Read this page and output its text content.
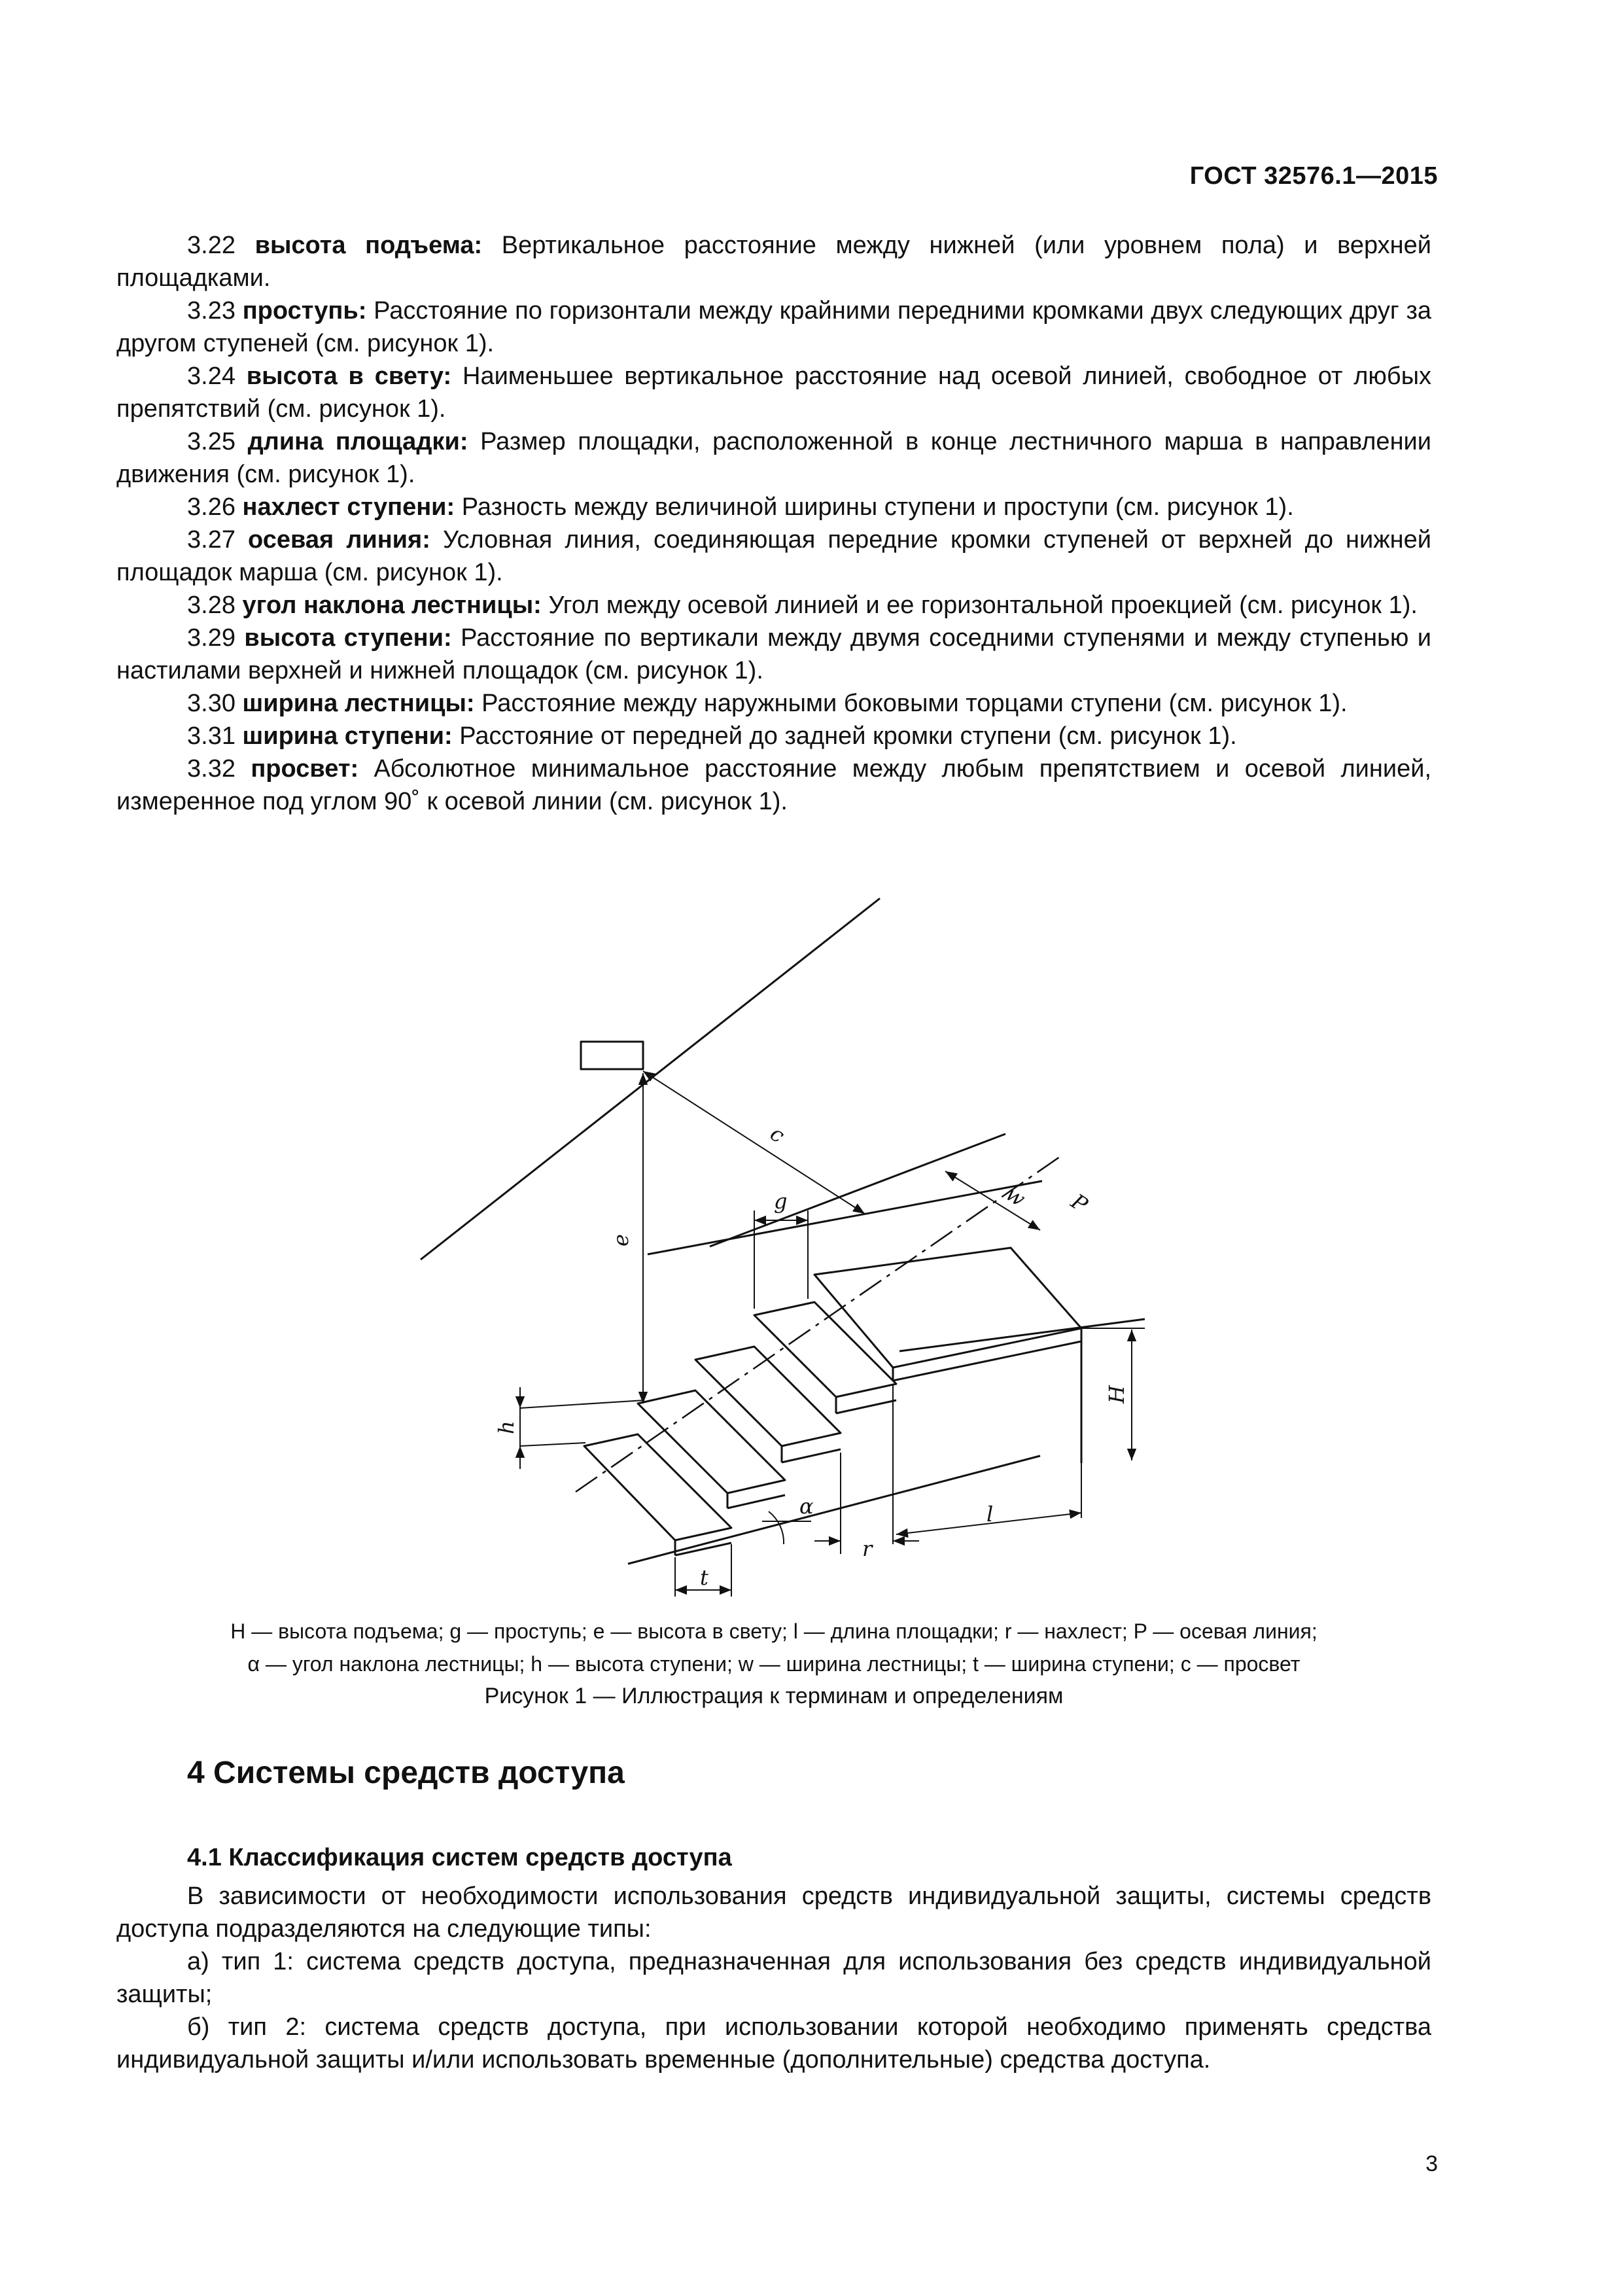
ГОСТ 32576.1—2015

3.22 высота подъема: Вертикальное расстояние между нижней (или уровнем пола) и верхней площадками.

3.23 проступь: Расстояние по горизонтали между крайними передними кромками двух следующих друг за другом ступеней (см. рисунок 1).

3.24 высота в свету: Наименьшее вертикальное расстояние над осевой линией, свободное от любых препятствий (см. рисунок 1).

3.25 длина площадки: Размер площадки, расположенной в конце лестничного марша в направлении движения (см. рисунок 1).

3.26 нахлест ступени: Разность между величиной ширины ступени и проступи (см. рисунок 1).

3.27 осевая линия: Условная линия, соединяющая передние кромки ступеней от верхней до нижней площадок марша (см. рисунок 1).

3.28 угол наклона лестницы: Угол между осевой линией и ее горизонтальной проекцией (см. рисунок 1).

3.29 высота ступени: Расстояние по вертикали между двумя соседними ступенями и между ступенью и настилами верхней и нижней площадок (см. рисунок 1).

3.30 ширина лестницы: Расстояние между наружными боковыми торцами ступени (см. рисунок 1).

3.31 ширина ступени: Расстояние от передней до задней кромки ступени (см. рисунок 1).

3.32 просвет: Абсолютное минимальное расстояние между любым препятствием и осевой линией, измеренное под углом 90˚ к осевой линии (см. рисунок 1).

c
g
e
w P
H
h
α	l
r
t
H — высота подъема; g — проступь; e — высота в свету; l — длина площадки; r — нахлест; P — осевая линия;
α — угол наклона лестницы; h — высота ступени; w — ширина лестницы; t — ширина ступени; c — просвет
Рисунок 1 — Иллюстрация к терминам и определениям
4 Системы средств доступа
4.1 Классификация систем средств доступа

В зависимости от необходимости использования средств индивидуальной защиты, системы средств доступа подразделяются на следующие типы:

а) тип 1: система средств доступа, предназначенная для использования без средств индивидуальной защиты;

б) тип 2: система средств доступа, при использовании которой необходимо применять средства индивидуальной защиты и/или использовать временные (дополнительные) средства доступа.

3
